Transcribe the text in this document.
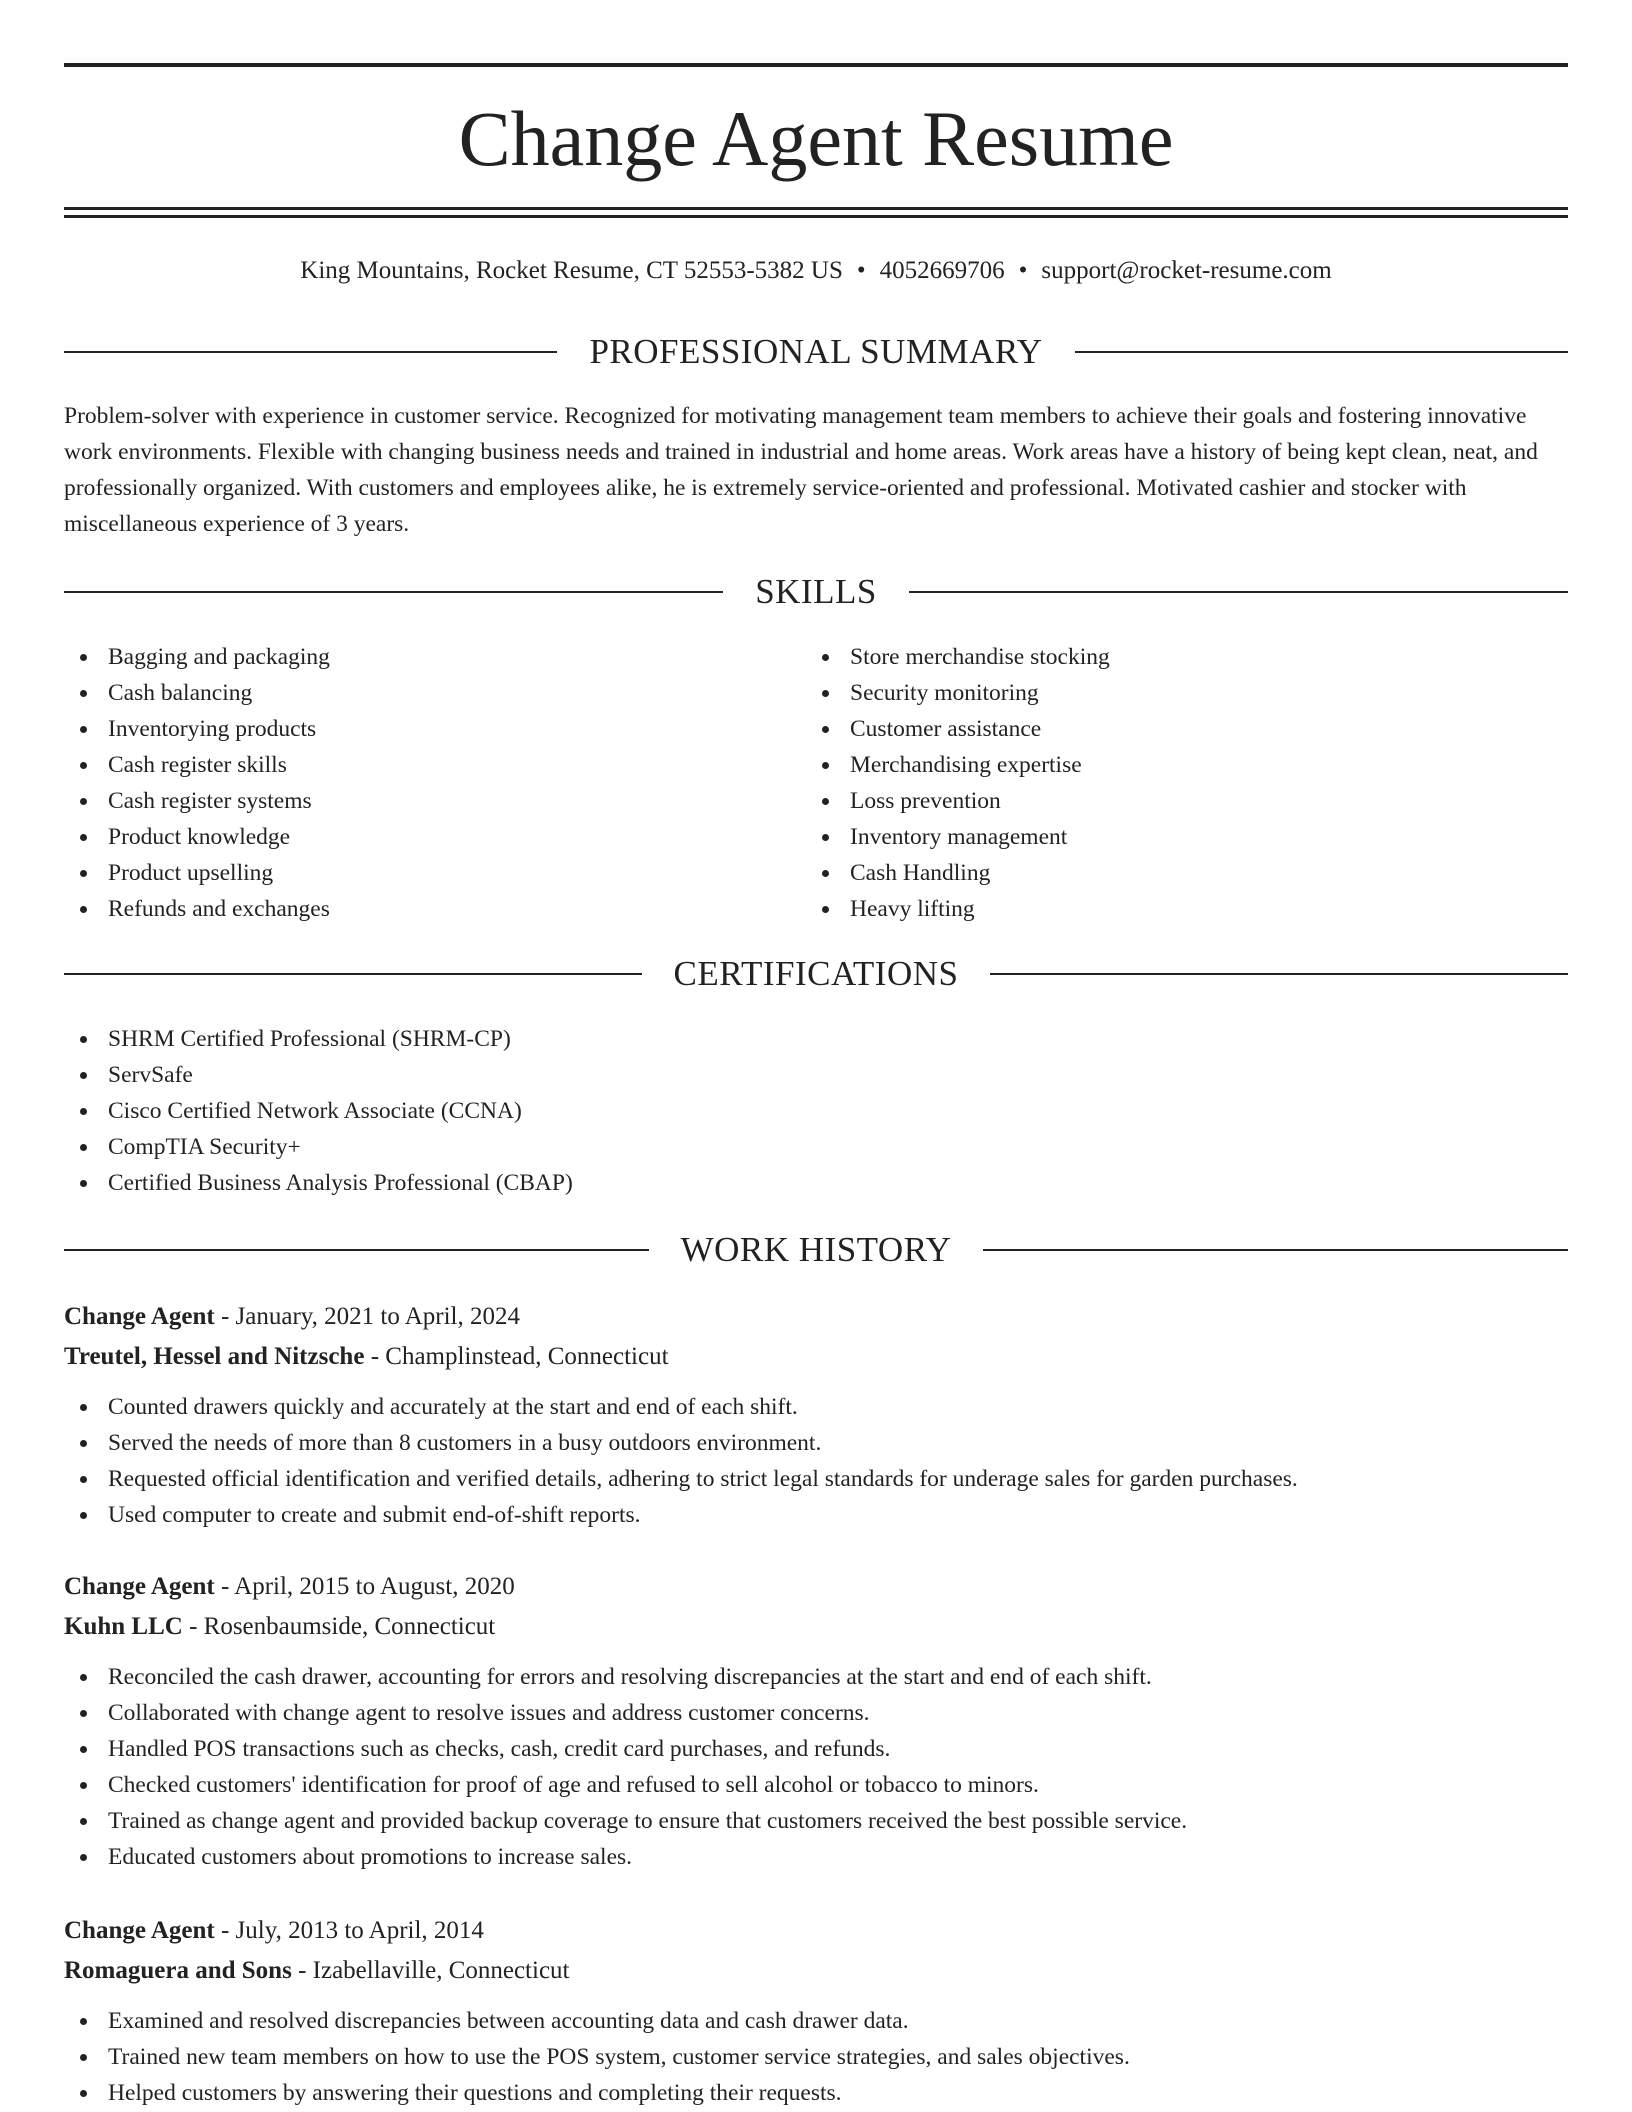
Change Agent Resume
King Mountains, Rocket Resume, CT 52553-5382 US • 4052669706 • support@rocket-resume.com
PROFESSIONAL SUMMARY

Problem-solver with experience in customer service. Recognized for motivating management team members to achieve their goals and fostering innovative work environments. Flexible with changing business needs and trained in industrial and home areas. Work areas have a history of being kept clean, neat, and professionally organized. With customers and employees alike, he is extremely service-oriented and professional. Motivated cashier and stocker with miscellaneous experience of 3 years.

SKILLS
Bagging and packaging
Cash balancing
Inventorying products
Cash register skills
Cash register systems
Product knowledge
Product upselling
Refunds and exchanges
Store merchandise stocking
Security monitoring
Customer assistance
Merchandising expertise
Loss prevention
Inventory management
Cash Handling
Heavy lifting
CERTIFICATIONS
SHRM Certified Professional (SHRM-CP)
ServSafe
Cisco Certified Network Associate (CCNA)
CompTIA Security+
Certified Business Analysis Professional (CBAP)
WORK HISTORY
Change Agent - January, 2021 to April, 2024
Treutel, Hessel and Nitzsche - Champlinstead, Connecticut
Counted drawers quickly and accurately at the start and end of each shift.
Served the needs of more than 8 customers in a busy outdoors environment.
Requested official identification and verified details, adhering to strict legal standards for underage sales for garden purchases.
Used computer to create and submit end-of-shift reports.
Change Agent - April, 2015 to August, 2020
Kuhn LLC - Rosenbaumside, Connecticut
Reconciled the cash drawer, accounting for errors and resolving discrepancies at the start and end of each shift.
Collaborated with change agent to resolve issues and address customer concerns.
Handled POS transactions such as checks, cash, credit card purchases, and refunds.
Checked customers' identification for proof of age and refused to sell alcohol or tobacco to minors.
Trained as change agent and provided backup coverage to ensure that customers received the best possible service.
Educated customers about promotions to increase sales.
Change Agent - July, 2013 to April, 2014
Romaguera and Sons - Izabellaville, Connecticut
Examined and resolved discrepancies between accounting data and cash drawer data.
Trained new team members on how to use the POS system, customer service strategies, and sales objectives.
Helped customers by answering their questions and completing their requests.
